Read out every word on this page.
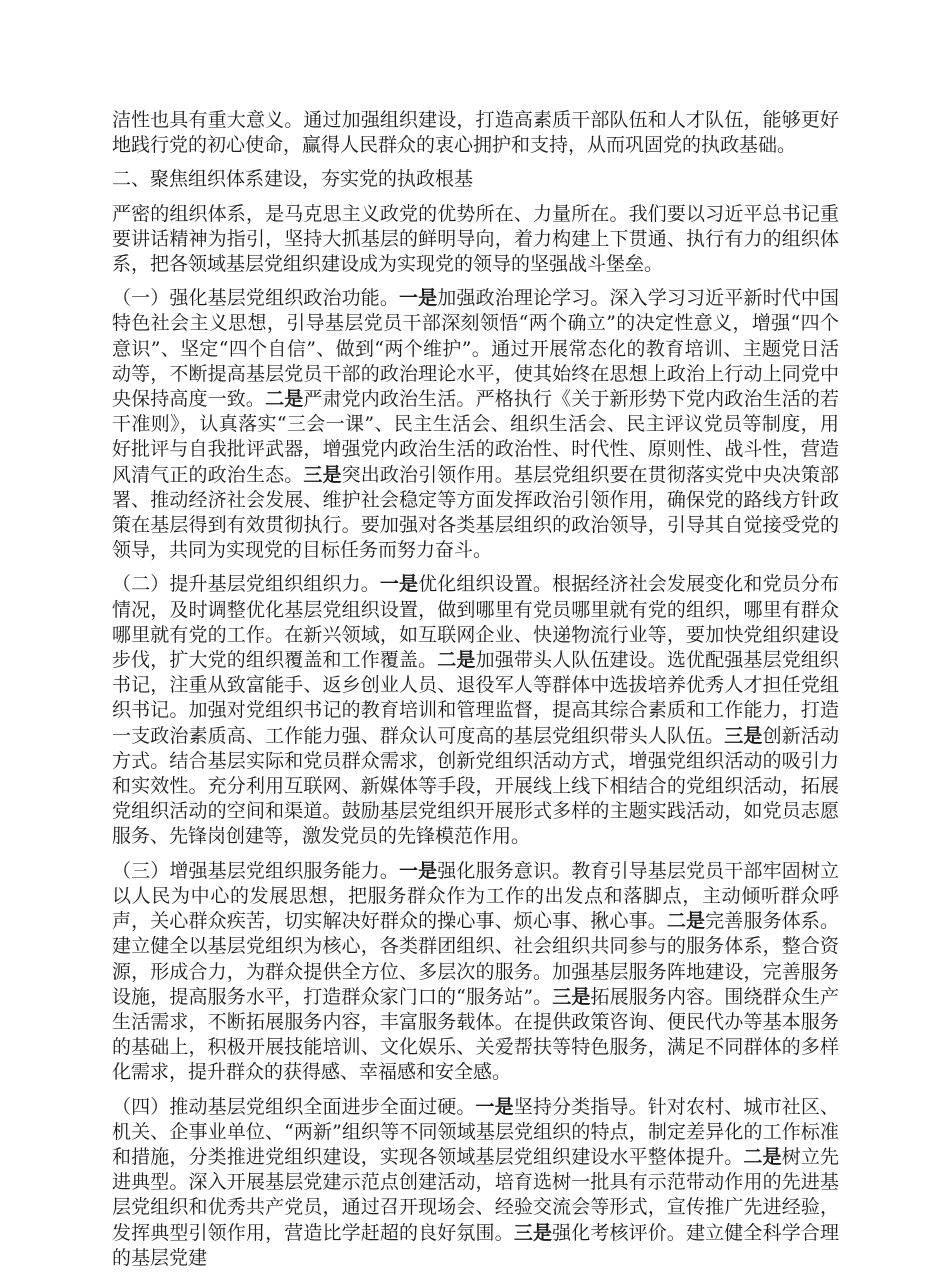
洁性也具有重大意义。通过加强组织建设，打造高素质干部队伍和人才队伍，能够更好地践行党的初心使命，赢得人民群众的衷心拥护和支持，从而巩固党的执政基础。
二、聚焦组织体系建设，夯实党的执政根基
严密的组织体系，是马克思主义政党的优势所在、力量所在。我们要以习近平总书记重要讲话精神为指引，坚持大抓基层的鲜明导向，着力构建上下贯通、执行有力的组织体系，把各领域基层党组织建设成为实现党的领导的坚强战斗堡垒。
（一）强化基层党组织政治功能。一是加强政治理论学习。深入学习习近平新时代中国特色社会主义思想，引导基层党员干部深刻领悟“两个确立”的决定性意义，增强“四个意识”、坚定“四个自信”、做到“两个维护”。通过开展常态化的教育培训、主题党日活动等，不断提高基层党员干部的政治理论水平，使其始终在思想上政治上行动上同党中央保持高度一致。二是严肃党内政治生活。严格执行《关于新形势下党内政治生活的若干准则》，认真落实“三会一课”、民主生活会、组织生活会、民主评议党员等制度，用好批评与自我批评武器，增强党内政治生活的政治性、时代性、原则性、战斗性，营造风清气正的政治生态。三是突出政治引领作用。基层党组织要在贯彻落实党中央决策部署、推动经济社会发展、维护社会稳定等方面发挥政治引领作用，确保党的路线方针政策在基层得到有效贯彻执行。要加强对各类基层组织的政治领导，引导其自觉接受党的领导，共同为实现党的目标任务而努力奋斗。
（二）提升基层党组织组织力。一是优化组织设置。根据经济社会发展变化和党员分布情况，及时调整优化基层党组织设置，做到哪里有党员哪里就有党的组织，哪里有群众哪里就有党的工作。在新兴领域，如互联网企业、快递物流行业等，要加快党组织建设步伐，扩大党的组织覆盖和工作覆盖。二是加强带头人队伍建设。选优配强基层党组织书记，注重从致富能手、返乡创业人员、退役军人等群体中选拔培养优秀人才担任党组织书记。加强对党组织书记的教育培训和管理监督，提高其综合素质和工作能力，打造一支政治素质高、工作能力强、群众认可度高的基层党组织带头人队伍。三是创新活动方式。结合基层实际和党员群众需求，创新党组织活动方式，增强党组织活动的吸引力和实效性。充分利用互联网、新媒体等手段，开展线上线下相结合的党组织活动，拓展党组织活动的空间和渠道。鼓励基层党组织开展形式多样的主题实践活动，如党员志愿服务、先锋岗创建等，激发党员的先锋模范作用。
（三）增强基层党组织服务能力。一是强化服务意识。教育引导基层党员干部牢固树立以人民为中心的发展思想，把服务群众作为工作的出发点和落脚点，主动倾听群众呼声，关心群众疾苦，切实解决好群众的操心事、烦心事、揪心事。二是完善服务体系。建立健全以基层党组织为核心，各类群团组织、社会组织共同参与的服务体系，整合资源，形成合力，为群众提供全方位、多层次的服务。加强基层服务阵地建设，完善服务设施，提高服务水平，打造群众家门口的“服务站”。三是拓展服务内容。围绕群众生产生活需求，不断拓展服务内容，丰富服务载体。在提供政策咨询、便民代办等基本服务的基础上，积极开展技能培训、文化娱乐、关爱帮扶等特色服务，满足不同群体的多样化需求，提升群众的获得感、幸福感和安全感。
（四）推动基层党组织全面进步全面过硬。一是坚持分类指导。针对农村、城市社区、机关、企事业单位、“两新”组织等不同领域基层党组织的特点，制定差异化的工作标准和措施，分类推进党组织建设，实现各领域基层党组织建设水平整体提升。二是树立先进典型。深入开展基层党建示范点创建活动，培育选树一批具有示范带动作用的先进基层党组织和优秀共产党员，通过召开现场会、经验交流会等形式，宣传推广先进经验，发挥典型引领作用，营造比学赶超的良好氛围。三是强化考核评价。建立健全科学合理的基层党建
